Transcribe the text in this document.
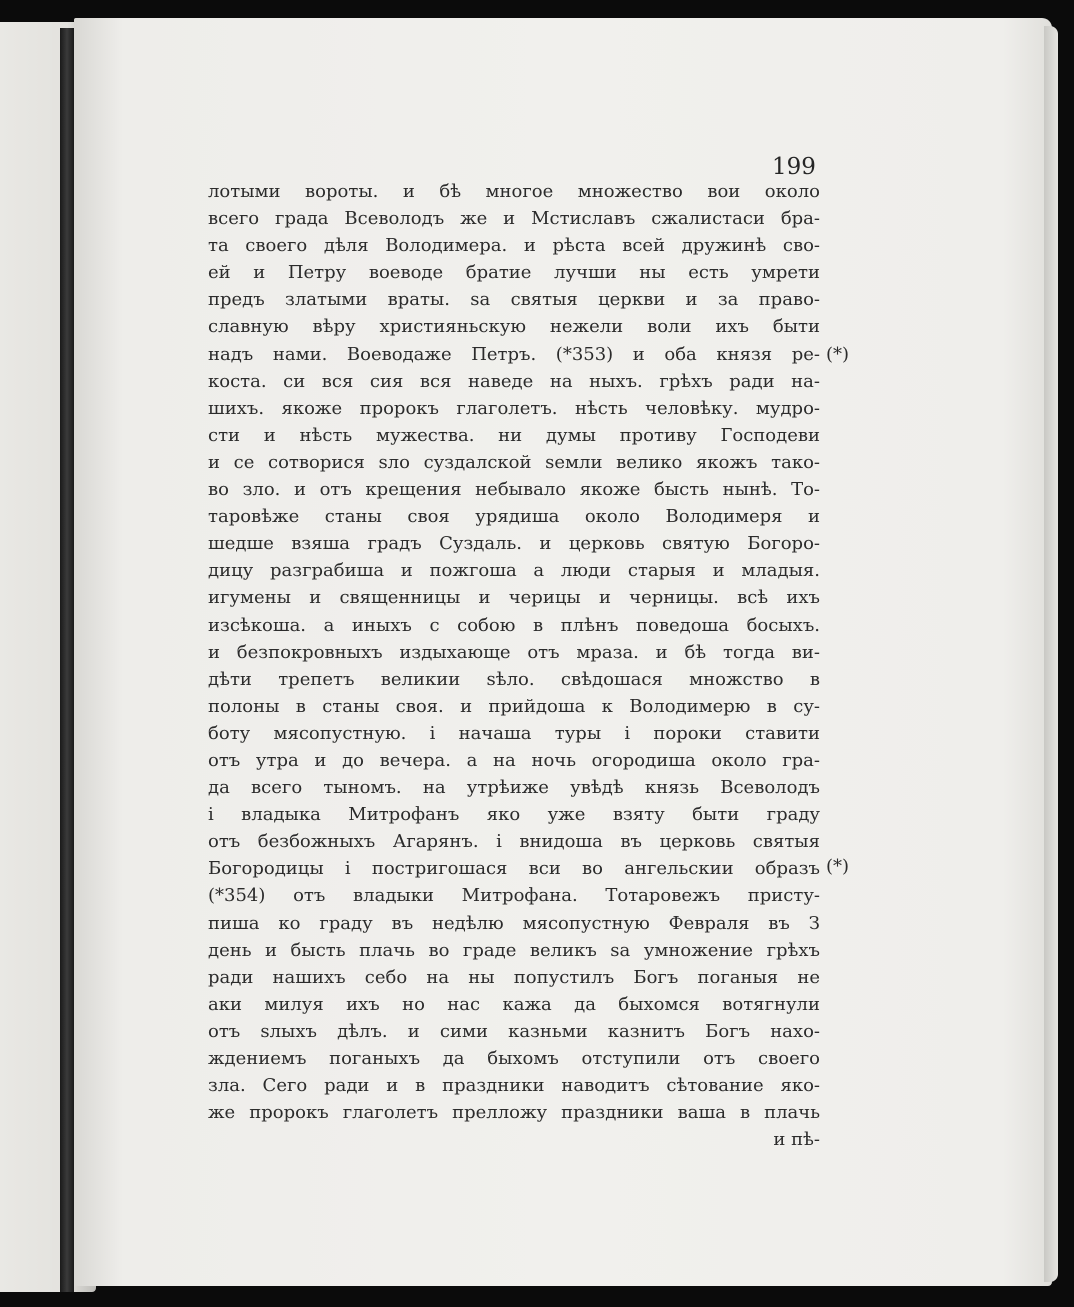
199
лотыми вороты. и бѣ многое множество вои около
всего града Всеволодъ же и Мстиславъ сжалистаси бра-
та своего дѣля Володимера. и рѣста всей дружинѣ сво-
ей и Петру воеводе братие лучши ны есть умрети
предъ златыми враты. ѕа святыя церкви и за право-
славную вѣру християньскую нежели воли ихъ быти
надъ нами. Воеводаже Петръ. (*353) и оба князя ре-
коста. си вся сия вся наведе на ныхъ. грѣхъ ради на-
шихъ. якоже пророкъ глаголетъ. нѣсть человѣку. мудро-
сти и нѣсть мужества. ни думы противу Господеви
и се сотворися ѕло суздалской ѕемли велико якожъ тако-
во зло. и отъ крещения небывало якоже бысть нынѣ. То-
таровѣже станы своя урядиша около Володимеря и
шедше взяша градъ Суздаль. и церковь святую Богоро-
дицу разграбиша и пожгоша а люди старыя и младыя.
игумены и священницы и черицы и черницы. всѣ ихъ
изсѣкоша. а иныхъ с собою в плѣнъ поведоша босыхъ.
и безпокровныхъ издыхающе отъ мраза. и бѣ тогда ви-
дѣти трепетъ великии ѕѣло. свѣдошася множство в
полоны в станы своя. и прийдоша к Володимерю в су-
боту мясопустную. і начаша туры і пороки ставити
отъ утра и до вечера. а на ночь огородиша около гра-
да всего тыномъ. на утрѣиже увѣдѣ князь Всеволодъ
і владыка Митрофанъ яко уже взяту быти граду
отъ безбожныхъ Агарянъ. і внидоша въ церковь святыя
Богородицы і постригошася вси во ангельскии образъ
(*354) отъ владыки Митрофана. Тотаровежъ присту-
пиша ко граду въ недѣлю мясопустную Февраля въ З
день и бысть плачь во граде великъ ѕа умножение грѣхъ
ради нашихъ себо на ны попустилъ Богъ поганыя не
аки милуя ихъ но нас кажа да быхомся вотягнули
отъ ѕлыхъ дѣлъ. и сими казньми казнитъ Богъ нахо-
ждениемъ поганыхъ да быхомъ отступили отъ своего
зла. Сего ради и в праздники наводитъ сѣтование яко-
же пророкъ глаголетъ прелложу праздники ваша в плачь
и пѣ-
(*)
(*)
